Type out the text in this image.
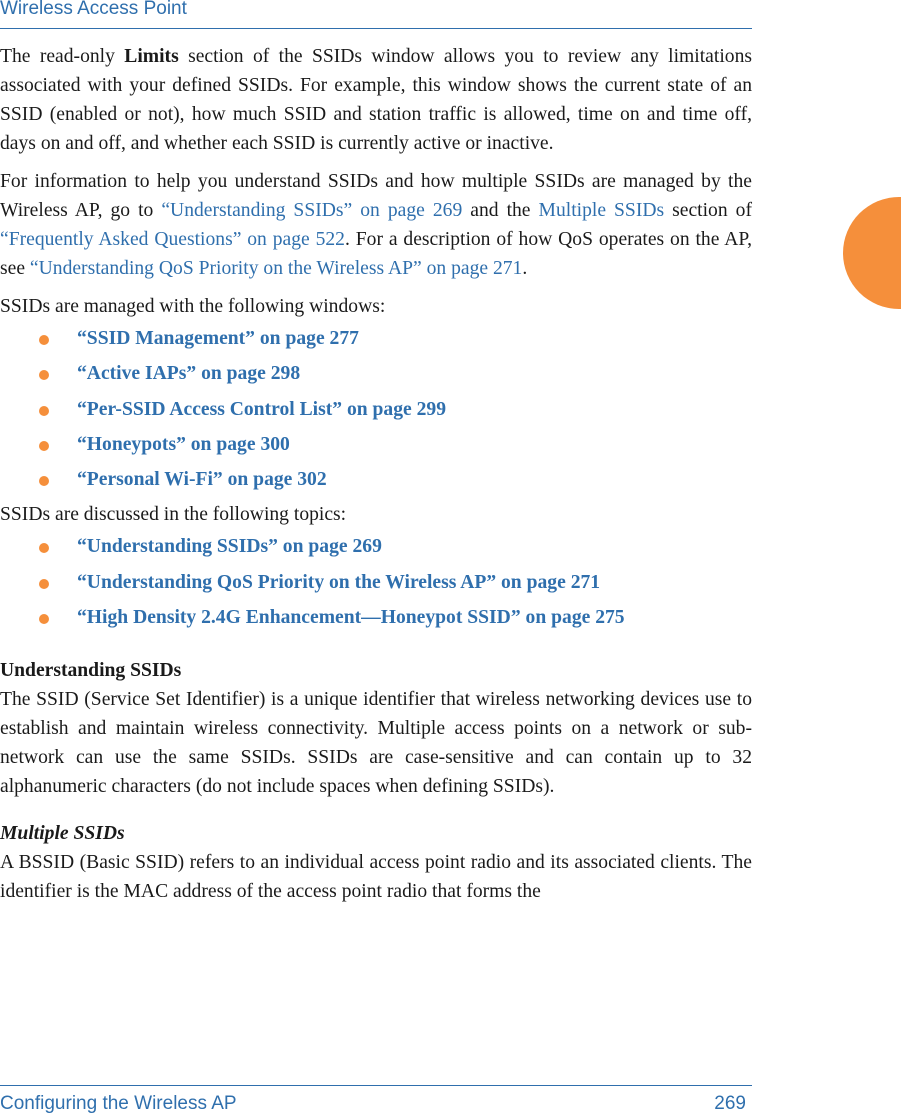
Wireless Access Point

The read-only Limits section of the SSIDs window allows you to review any limitations associated with your defined SSIDs. For example, this window shows the current state of an SSID (enabled or not), how much SSID and station traffic is allowed, time on and time off, days on and off, and whether each SSID is currently active or inactive.

For information to help you understand SSIDs and how multiple SSIDs are managed by the Wireless AP, go to “Understanding SSIDs” on page 269 and the Multiple SSIDs section of “Frequently Asked Questions” on page 522. For a description of how QoS operates on the AP, see “Understanding QoS Priority on the Wireless AP” on page 271.

SSIDs are managed with the following windows:

“SSID Management” on page 277
“Active IAPs” on page 298
“Per-SSID Access Control List” on page 299
“Honeypots” on page 300
“Personal Wi-Fi” on page 302

SSIDs are discussed in the following topics:

“Understanding SSIDs” on page 269
“Understanding QoS Priority on the Wireless AP” on page 271
“High Density 2.4G Enhancement—Honeypot SSID” on page 275

Understanding SSIDs

The SSID (Service Set Identifier) is a unique identifier that wireless networking devices use to establish and maintain wireless connectivity. Multiple access points on a network or sub-network can use the same SSIDs. SSIDs are case-sensitive and can contain up to 32 alphanumeric characters (do not include spaces when defining SSIDs).

Multiple SSIDs

A BSSID (Basic SSID) refers to an individual access point radio and its associated clients. The identifier is the MAC address of the access point radio that forms the

Configuring the Wireless AP	269
